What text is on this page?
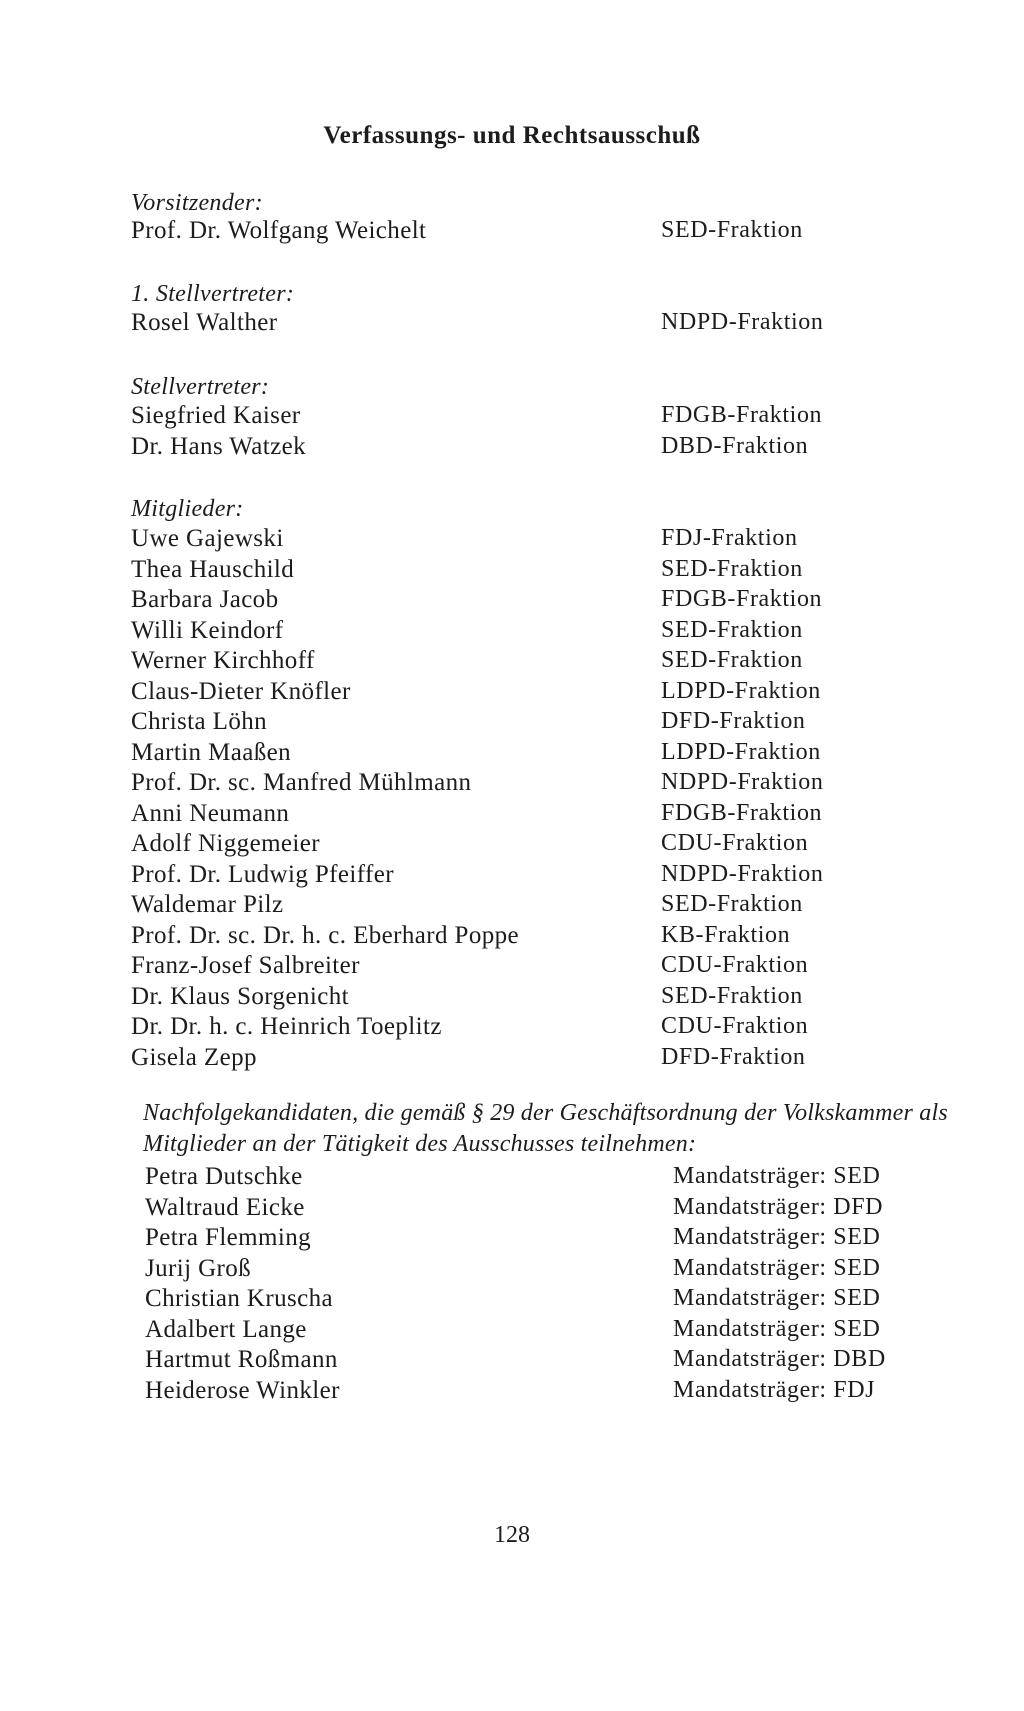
Verfassungs- und Rechtsausschuß
Vorsitzender:
Prof. Dr. Wolfgang Weichelt	SED-Fraktion
1. Stellvertreter:
Rosel Walther	NDPD-Fraktion
Stellvertreter:
Siegfried Kaiser	FDGB-Fraktion
Dr. Hans Watzek	DBD-Fraktion
Mitglieder:
Uwe Gajewski	FDJ-Fraktion
Thea Hauschild	SED-Fraktion
Barbara Jacob	FDGB-Fraktion
Willi Keindorf	SED-Fraktion
Werner Kirchhoff	SED-Fraktion
Claus-Dieter Knöfler	LDPD-Fraktion
Christa Löhn	DFD-Fraktion
Martin Maaßen	LDPD-Fraktion
Prof. Dr. sc. Manfred Mühlmann	NDPD-Fraktion
Anni Neumann	FDGB-Fraktion
Adolf Niggemeier	CDU-Fraktion
Prof. Dr. Ludwig Pfeiffer	NDPD-Fraktion
Waldemar Pilz	SED-Fraktion
Prof. Dr. sc. Dr. h. c. Eberhard Poppe	KB-Fraktion
Franz-Josef Salbreiter	CDU-Fraktion
Dr. Klaus Sorgenicht	SED-Fraktion
Dr. Dr. h. c. Heinrich Toeplitz	CDU-Fraktion
Gisela Zepp	DFD-Fraktion
Nachfolgekandidaten, die gemäß § 29 der Geschäftsordnung der Volkskammer als Mitglieder an der Tätigkeit des Ausschusses teilnehmen:
Petra Dutschke	Mandatsträger: SED
Waltraud Eicke	Mandatsträger: DFD
Petra Flemming	Mandatsträger: SED
Jurij Groß	Mandatsträger: SED
Christian Kruscha	Mandatsträger: SED
Adalbert Lange	Mandatsträger: SED
Hartmut Roßmann	Mandatsträger: DBD
Heiderose Winkler	Mandatsträger: FDJ
128
